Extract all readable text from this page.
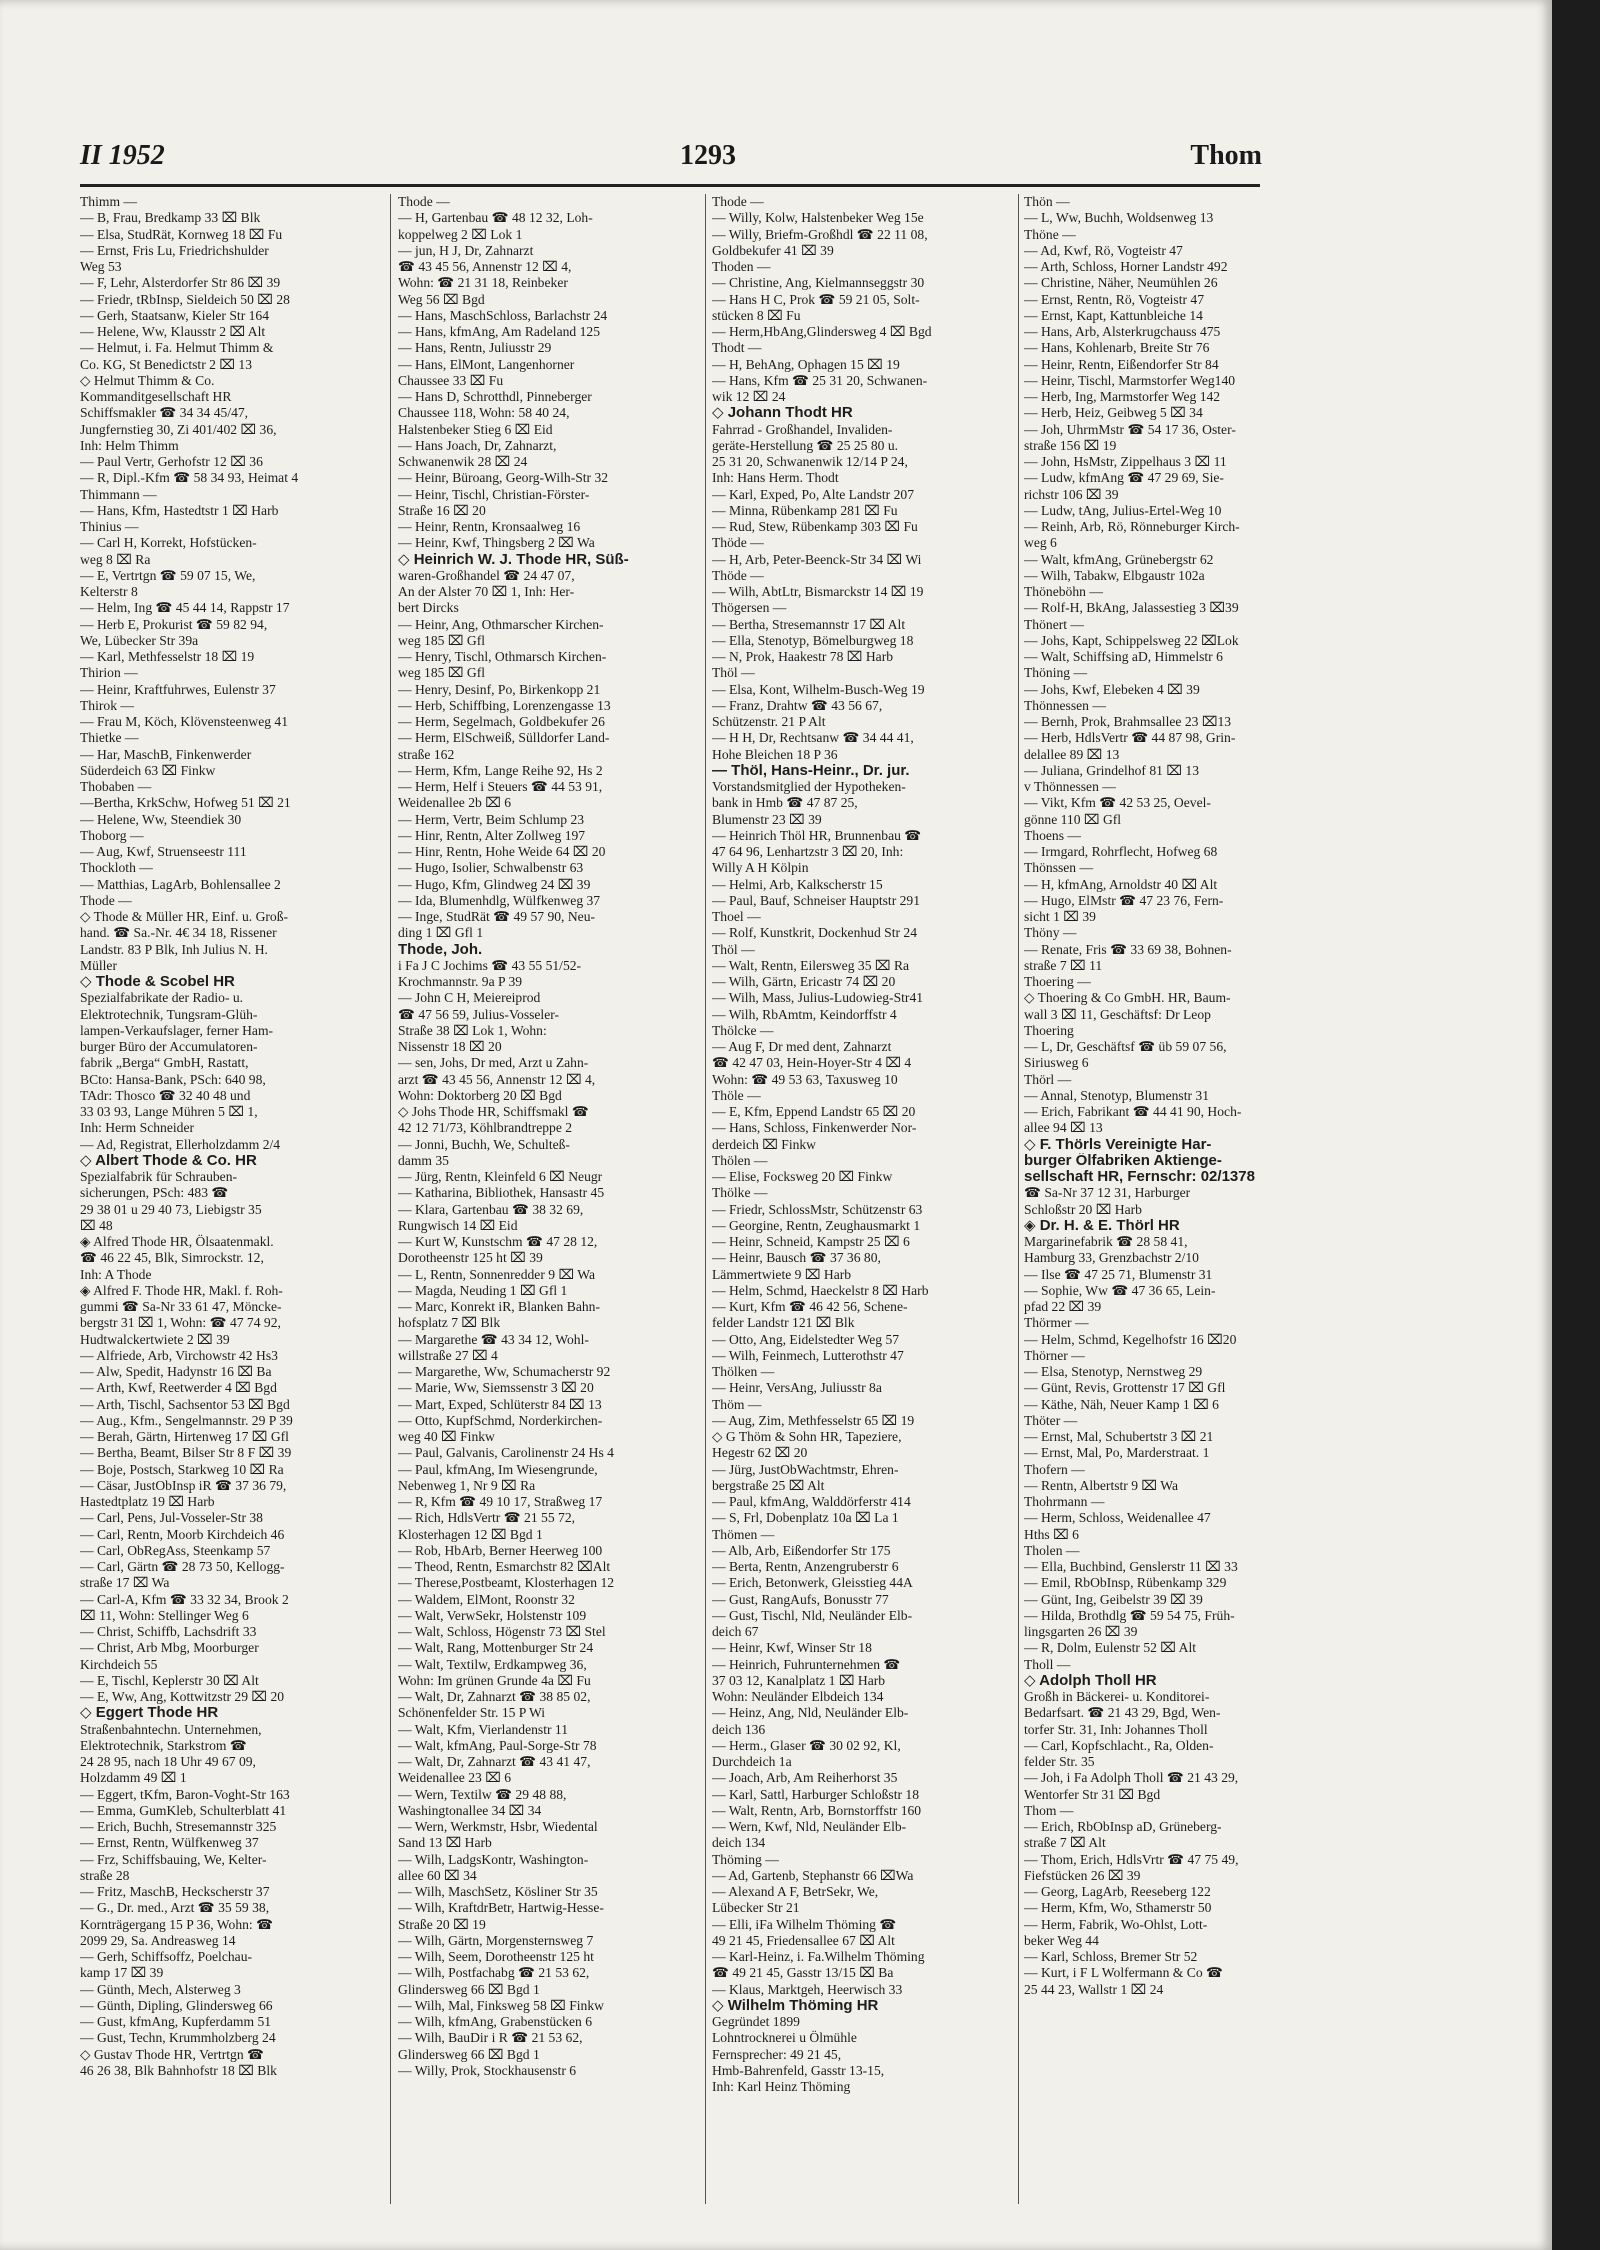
II 1952	1293	Thom
Thimm —
— B, Frau, Bredkamp 33 ⌧ Blk
— Elsa, StudRät, Kornweg 18 ⌧ Fu
— Ernst, Fris Lu, Friedrichshulder
Weg 53
— F, Lehr, Alsterdorfer Str 86 ⌧ 39
— Friedr, tRbInsp, Sieldeich 50 ⌧ 28
— Gerh, Staatsanw, Kieler Str 164
— Helene, Ww, Klausstr 2 ⌧ Alt
— Helmut, i. Fa. Helmut Thimm &
Co. KG, St Benedictstr 2 ⌧ 13
◇ Helmut Thimm & Co.
Kommanditgesellschaft HR
Schiffsmakler ☎ 34 34 45/47,
Jungfernstieg 30, Zi 401/402 ⌧ 36,
Inh: Helm Thimm
— Paul Vertr, Gerhofstr 12 ⌧ 36
— R, Dipl.-Kfm ☎ 58 34 93, Heimat 4
Thimmann —
— Hans, Kfm, Hastedtstr 1 ⌧ Harb
Thinius —
— Carl H, Korrekt, Hofstücken-
weg 8 ⌧ Ra
— E, Vertrtgn ☎ 59 07 15, We,
Kelterstr 8
— Helm, Ing ☎ 45 44 14, Rappstr 17
— Herb E, Prokurist ☎ 59 82 94,
We, Lübecker Str 39a
— Karl, Methfesselstr 18 ⌧ 19
Thirion —
— Heinr, Kraftfuhrwes, Eulenstr 37
Thirok —
— Frau M, Köch, Klövensteenweg 41
Thietke —
— Har, MaschB, Finkenwerder
Süderdeich 63 ⌧ Finkw
Thobaben —
—Bertha, KrkSchw, Hofweg 51 ⌧ 21
— Helene, Ww, Steendiek 30
Thoborg —
— Aug, Kwf, Struenseestr 111
Thockloth —
— Matthias, LagArb, Bohlensallee 2
Thode —
◇ Thode & Müller HR, Einf. u. Groß-
hand. ☎ Sa.-Nr. 4€ 34 18, Rissener
Landstr. 83 P Blk, Inh Julius N. H.
Müller
◇ Thode & Scobel HR
Spezialfabrikate der Radio- u.
Elektrotechnik, Tungsram-Glüh-
lampen-Verkaufslager, ferner Ham-
burger Büro der Accumulatoren-
fabrik „Berga“ GmbH, Rastatt,
BCto: Hansa-Bank, PSch: 640 98,
TAdr: Thosco ☎ 32 40 48 und
33 03 93, Lange Mühren 5 ⌧ 1,
Inh: Herm Schneider
— Ad, Registrat, Ellerholzdamm 2/4
◇ Albert Thode & Co. HR
Spezialfabrik für Schrauben-
sicherungen, PSch: 483 ☎
29 38 01 u 29 40 73, Liebigstr 35
⌧ 48
◈ Alfred Thode HR, Ölsaatenmakl.
☎ 46 22 45, Blk, Simrockstr. 12,
Inh: A Thode
◈ Alfred F. Thode HR, Makl. f. Roh-
gummi ☎ Sa-Nr 33 61 47, Mönckе-
bergstr 31 ⌧ 1, Wohn: ☎ 47 74 92,
Hudtwalckertwiete 2 ⌧ 39
— Alfriede, Arb, Virchowstr 42 Hs3
— Alw, Spedit, Hadynstr 16 ⌧ Ba
— Arth, Kwf, Reetwerder 4 ⌧ Bgd
— Arth, Tischl, Sachsentor 53 ⌧ Bgd
— Aug., Kfm., Sengelmannstr. 29 P 39
— Berah, Gärtn, Hirtenweg 17 ⌧ Gfl
— Bertha, Beamt, Bilser Str 8 F ⌧ 39
— Boje, Postsch, Starkweg 10 ⌧ Ra
— Cäsar, JustObInsp iR ☎ 37 36 79,
Hastedtplatz 19 ⌧ Harb
— Carl, Pens, Jul-Vosseler-Str 38
— Carl, Rentn, Moorb Kirchdeich 46
— Carl, ObRegAss, Steenkamp 57
— Carl, Gärtn ☎ 28 73 50, Kellogg-
straße 17 ⌧ Wa
— Carl-A, Kfm ☎ 33 32 34, Brook 2
⌧ 11, Wohn: Stellinger Weg 6
— Christ, Schiffb, Lachsdrift 33
— Christ, Arb Mbg, Moorburger
Kirchdeich 55
— E, Tischl, Keplerstr 30 ⌧ Alt
— E, Ww, Ang, Kottwitzstr 29 ⌧ 20
◇ Eggert Thode HR
Straßenbahntechn. Unternehmen,
Elektrotechnik, Starkstrom ☎
24 28 95, nach 18 Uhr 49 67 09,
Holzdamm 49 ⌧ 1
— Eggert, tKfm, Baron-Voght-Str 163
— Emma, GumKleb, Schulterblatt 41
— Erich, Buchh, Stresemannstr 325
— Ernst, Rentn, Wülfkenweg 37
— Frz, Schiffsbauing, We, Kelter-
straße 28
— Fritz, MaschB, Heckscherstr 37
— G., Dr. med., Arzt ☎ 35 59 38,
Kornträgergang 15 P 36, Wohn: ☎
2099 29, Sa. Andreasweg 14
— Gerh, Schiffsoffz, Poelchau-
kamp 17 ⌧ 39
— Günth, Mech, Alsterweg 3
— Günth, Dipling, Glindersweg 66
— Gust, kfmAng, Kupferdamm 51
— Gust, Techn, Krummholzberg 24
◇ Gustav Thode HR, Vertrtgn ☎
46 26 38, Blk Bahnhofstr 18 ⌧ Blk
Thode —
— H, Gartenbau ☎ 48 12 32, Loh-
koppelweg 2 ⌧ Lok 1
— jun, H J, Dr, Zahnarzt
☎ 43 45 56, Annenstr 12 ⌧ 4,
Wohn: ☎ 21 31 18, Reinbeker
Weg 56 ⌧ Bgd
— Hans, MaschSchloss, Barlachstr 24
— Hans, kfmAng, Am Radeland 125
— Hans, Rentn, Juliusstr 29
— Hans, ElMont, Langenhorner
Chaussee 33 ⌧ Fu
— Hans D, Schrotthdl, Pinneberger
Chaussee 118, Wohn: 58 40 24,
Halstenbeker Stieg 6 ⌧ Eid
— Hans Joach, Dr, Zahnarzt,
Schwanenwik 28 ⌧ 24
— Heinr, Büroang, Georg-Wilh-Str 32
— Heinr, Tischl, Christian-Förster-
Straße 16 ⌧ 20
— Heinr, Rentn, Kronsaalweg 16
— Heinr, Kwf, Thingsberg 2 ⌧ Wa
◇ Heinrich W. J. Thode HR, Süß-
waren-Großhandel ☎ 24 47 07,
An der Alster 70 ⌧ 1, Inh: Her-
bert Dircks
— Heinr, Ang, Othmarscher Kirchen-
weg 185 ⌧ Gfl
— Henry, Tischl, Othmarsch Kirchen-
weg 185 ⌧ Gfl
— Henry, Desinf, Po, Birkenkopp 21
— Herb, Schiffbing, Lorenzengasse 13
— Herm, Segelmach, Goldbekufer 26
— Herm, ElSchweiß, Sülldorfer Land-
straße 162
— Herm, Kfm, Lange Reihe 92, Hs 2
— Herm, Helf i Steuers ☎ 44 53 91,
Weidenallee 2b ⌧ 6
— Herm, Vertr, Beim Schlump 23
— Hinr, Rentn, Alter Zollweg 197
— Hinr, Rentn, Hohe Weide 64 ⌧ 20
— Hugo, Isolier, Schwalbenstr 63
— Hugo, Kfm, Glindweg 24 ⌧ 39
— Ida, Blumenhdlg, Wülfkenweg 37
— Inge, StudRät ☎ 49 57 90, Neu-
ding 1 ⌧ Gfl 1
Thode, Joh.
i Fa J C Jochims ☎ 43 55 51/52-
Krochmannstr. 9a P 39
— John C H, Meiereiprod
☎ 47 56 59, Julius-Vosseler-
Straße 38 ⌧ Lok 1, Wohn:
Nissenstr 18 ⌧ 20
— sen, Johs, Dr med, Arzt u Zahn-
arzt ☎ 43 45 56, Annenstr 12 ⌧ 4,
Wohn: Doktorberg 20 ⌧ Bgd
◇ Johs Thode HR, Schiffsmakl ☎
42 12 71/73, Köhlbrandtreppe 2
— Jonni, Buchh, We, Schulteß-
damm 35
— Jürg, Rentn, Kleinfeld 6 ⌧ Neugr
— Katharina, Bibliothek, Hansastr 45
— Klara, Gartenbau ☎ 38 32 69,
Rungwisch 14 ⌧ Eid
— Kurt W, Kunstschm ☎ 47 28 12,
Dorotheenstr 125 ht ⌧ 39
— L, Rentn, Sonnenredder 9 ⌧ Wa
— Magda, Neuding 1 ⌧ Gfl 1
— Marc, Konrekt iR, Blanken Bahn-
hofsplatz 7 ⌧ Blk
— Margarethe ☎ 43 34 12, Wohl-
willstraße 27 ⌧ 4
— Margarethe, Ww, Schumacherstr 92
— Marie, Ww, Siemssenstr 3 ⌧ 20
— Mart, Exped, Schlüterstr 84 ⌧ 13
— Otto, KupfSchmd, Norderkirchen-
weg 40 ⌧ Finkw
— Paul, Galvanis, Carolinenstr 24 Hs 4
— Paul, kfmAng, Im Wiesengrunde,
Nebenweg 1, Nr 9 ⌧ Ra
— R, Kfm ☎ 49 10 17, Straßweg 17
— Rich, HdlsVertr ☎ 21 55 72,
Klosterhagen 12 ⌧ Bgd 1
— Rob, HbArb, Berner Heerweg 100
— Theod, Rentn, Esmarchstr 82 ⌧Alt
— Therese,Postbeamt, Klosterhagen 12
— Waldem, ElMont, Roonstr 32
— Walt, VerwSekr, Holstenstr 109
— Walt, Schloss, Högenstr 73 ⌧ Stel
— Walt, Rang, Mottenburger Str 24
— Walt, Textilw, Erdkampweg 36,
Wohn: Im grünen Grunde 4a ⌧ Fu
— Walt, Dr, Zahnarzt ☎ 38 85 02,
Schönenfelder Str. 15 P Wi
— Walt, Kfm, Vierlandenstr 11
— Walt, kfmAng, Paul-Sorge-Str 78
— Walt, Dr, Zahnarzt ☎ 43 41 47,
Weidenallee 23 ⌧ 6
— Wern, Textilw ☎ 29 48 88,
Washingtonallee 34 ⌧ 34
— Wern, Werkmstr, Hsbr, Wiedental
Sand 13 ⌧ Harb
— Wilh, LadgsKontr, Washington-
allee 60 ⌧ 34
— Wilh, MaschSetz, Kösliner Str 35
— Wilh, KraftdrBetr, Hartwig-Hesse-
Straße 20 ⌧ 19
— Wilh, Gärtn, Morgensternsweg 7
— Wilh, Seem, Dorotheenstr 125 ht
— Wilh, Postfachabg ☎ 21 53 62,
Glindersweg 66 ⌧ Bgd 1
— Wilh, Mal, Finksweg 58 ⌧ Finkw
— Wilh, kfmAng, Grabenstücken 6
— Wilh, BauDir i R ☎ 21 53 62,
Glindersweg 66 ⌧ Bgd 1
— Willy, Prok, Stockhausenstr 6
Thode —
— Willy, Kolw, Halstenbeker Weg 15e
— Willy, Briefm-Großhdl ☎ 22 11 08,
Goldbekufer 41 ⌧ 39
Thoden —
— Christine, Ang, Kielmannseggstr 30
— Hans H C, Prok ☎ 59 21 05, Solt-
stücken 8 ⌧ Fu
— Herm,HbAng,Glindersweg 4 ⌧ Bgd
Thodt —
— H, BehAng, Ophagen 15 ⌧ 19
— Hans, Kfm ☎ 25 31 20, Schwanen-
wik 12 ⌧ 24
◇ Johann Thodt HR
Fahrrad - Großhandel, Invaliden-
geräte-Herstellung ☎ 25 25 80 u.
25 31 20, Schwanenwik 12/14 P 24,
Inh: Hans Herm. Thodt
— Karl, Exped, Po, Alte Landstr 207
— Minna, Rübenkamp 281 ⌧ Fu
— Rud, Stew, Rübenkamp 303 ⌧ Fu
Thöde —
— H, Arb, Peter-Beenck-Str 34 ⌧ Wi
Thöde —
— Wilh, AbtLtr, Bismarckstr 14 ⌧ 19
Thögersen —
— Bertha, Stresemannstr 17 ⌧ Alt
— Ella, Stenotyp, Bömelburgweg 18
— N, Prok, Haakestr 78 ⌧ Harb
Thöl —
— Elsa, Kont, Wilhelm-Busch-Weg 19
— Franz, Drahtw ☎ 43 56 67,
Schützenstr. 21 P Alt
— H H, Dr, Rechtsanw ☎ 34 44 41,
Hohe Bleichen 18 P 36
— Thöl, Hans-Heinr., Dr. jur.
Vorstandsmitglied der Hypotheken-
bank in Hmb ☎ 47 87 25,
Blumenstr 23 ⌧ 39
— Heinrich Thöl HR, Brunnenbau ☎
47 64 96, Lenhartzstr 3 ⌧ 20, Inh:
Willy A H Kölpin
— Helmi, Arb, Kalkscherstr 15
— Paul, Bauf, Schneiser Hauptstr 291
Thoel —
— Rolf, Kunstkrit, Dockenhud Str 24
Thöl —
— Walt, Rentn, Eilersweg 35 ⌧ Ra
— Wilh, Gärtn, Ericastr 74 ⌧ 20
— Wilh, Mass, Julius-Ludowieg-Str41
— Wilh, RbAmtm, Keindorffstr 4
Thölcke —
— Aug F, Dr med dent, Zahnarzt
☎ 42 47 03, Hein-Hoyer-Str 4 ⌧ 4
Wohn: ☎ 49 53 63, Taxusweg 10
Thöle —
— E, Kfm, Eppend Landstr 65 ⌧ 20
— Hans, Schloss, Finkenwerder Nor-
derdeich ⌧ Finkw
Thölen —
— Elise, Focksweg 20 ⌧ Finkw
Thölke —
— Friedr, SchlossMstr, Schützenstr 63
— Georgine, Rentn, Zeughausmarkt 1
— Heinr, Schneid, Kampstr 25 ⌧ 6
— Heinr, Bausch ☎ 37 36 80,
Lämmertwiete 9 ⌧ Harb
— Helm, Schmd, Haeckelstr 8 ⌧ Harb
— Kurt, Kfm ☎ 46 42 56, Schene-
felder Landstr 121 ⌧ Blk
— Otto, Ang, Eidelstedter Weg 57
— Wilh, Feinmech, Lutterothstr 47
Thölken —
— Heinr, VersAng, Juliusstr 8a
Thöm —
— Aug, Zim, Methfesselstr 65 ⌧ 19
◇ G Thöm & Sohn HR, Tapeziere,
Hegestr 62 ⌧ 20
— Jürg, JustObWachtmstr, Ehren-
bergstraße 25 ⌧ Alt
— Paul, kfmAng, Walddörferstr 414
— S, Frl, Dobenplatz 10a ⌧ La 1
Thömen —
— Alb, Arb, Eißendorfer Str 175
— Berta, Rentn, Anzengruberstr 6
— Erich, Betonwerk, Gleisstieg 44A
— Gust, RangAufs, Bonusstr 77
— Gust, Tischl, Nld, Neuländer Elb-
deich 67
— Heinr, Kwf, Winser Str 18
— Heinrich, Fuhrunternehmen ☎
37 03 12, Kanalplatz 1 ⌧ Harb
Wohn: Neuländer Elbdeich 134
— Heinz, Ang, Nld, Neuländer Elb-
deich 136
— Herm., Glaser ☎ 30 02 92, Kl,
Durchdeich 1a
— Joach, Arb, Am Reiherhorst 35
— Karl, Sattl, Harburger Schloßstr 18
— Walt, Rentn, Arb, Bornstorffstr 160
— Wern, Kwf, Nld, Neuländer Elb-
deich 134
Thöming —
— Ad, Gartenb, Stephanstr 66 ⌧Wa
— Alexand A F, BetrSekr, We,
Lübecker Str 21
— Elli, iFa Wilhelm Thöming ☎
49 21 45, Friedensallee 67 ⌧ Alt
— Karl-Heinz, i. Fa.Wilhelm Thöming
☎ 49 21 45, Gasstr 13/15 ⌧ Ba
— Klaus, Marktgeh, Heerwisch 33
◇ Wilhelm Thöming HR
Gegründet 1899
Lohntrocknerei u Ölmühle
Fernsprecher: 49 21 45,
Hmb-Bahrenfeld, Gasstr 13-15,
Inh: Karl Heinz Thöming
Thön —
— L, Ww, Buchh, Woldsenweg 13
Thöne —
— Ad, Kwf, Rö, Vogteistr 47
— Arth, Schloss, Horner Landstr 492
— Christine, Näher, Neumühlen 26
— Ernst, Rentn, Rö, Vogteistr 47
— Ernst, Kapt, Kattunbleiche 14
— Hans, Arb, Alsterkrugchauss 475
— Hans, Kohlenarb, Breite Str 76
— Heinr, Rentn, Eißendorfer Str 84
— Heinr, Tischl, Marmstorfer Weg140
— Herb, Ing, Marmstorfer Weg 142
— Herb, Heiz, Geibweg 5 ⌧ 34
— Joh, UhrmMstr ☎ 54 17 36, Oster-
straße 156 ⌧ 19
— John, HsMstr, Zippelhaus 3 ⌧ 11
— Ludw, kfmAng ☎ 47 29 69, Sie-
richstr 106 ⌧ 39
— Ludw, tAng, Julius-Ertel-Weg 10
— Reinh, Arb, Rö, Rönneburger Kirch-
weg 6
— Walt, kfmAng, Grünebergstr 62
— Wilh, Tabakw, Elbgaustr 102a
Thöneböhn —
— Rolf-H, BkAng, Jalassestieg 3 ⌧39
Thönert —
— Johs, Kapt, Schippelsweg 22 ⌧Lok
— Walt, Schiffsing aD, Himmelstr 6
Thöning —
— Johs, Kwf, Elebeken 4 ⌧ 39
Thönnessen —
— Bernh, Prok, Brahmsallee 23 ⌧13
— Herb, HdlsVertr ☎ 44 87 98, Grin-
delallee 89 ⌧ 13
— Juliana, Grindelhof 81 ⌧ 13
v Thönnessen —
— Vikt, Kfm ☎ 42 53 25, Oevel-
gönne 110 ⌧ Gfl
Thoens —
— Irmgard, Rohrflecht, Hofweg 68
Thönssen —
— H, kfmAng, Arnoldstr 40 ⌧ Alt
— Hugo, ElMstr ☎ 47 23 76, Fern-
sicht 1 ⌧ 39
Thöny —
— Renate, Fris ☎ 33 69 38, Bohnen-
straße 7 ⌧ 11
Thoering —
◇ Thoering & Co GmbH. HR, Baum-
wall 3 ⌧ 11, Geschäftsf: Dr Leop
Thoering
— L, Dr, Geschäftsf ☎ üb 59 07 56,
Siriusweg 6
Thörl —
— Annal, Stenotyp, Blumenstr 31
— Erich, Fabrikant ☎ 44 41 90, Hoch-
allee 94 ⌧ 13
◇ F. Thörls Vereinigte Har-
burger Ölfabriken Aktienge-
sellschaft HR, Fernschr: 02/1378
☎ Sa-Nr 37 12 31, Harburger
Schloßstr 20 ⌧ Harb
◈ Dr. H. & E. Thörl HR
Margarinefabrik ☎ 28 58 41,
Hamburg 33, Grenzbachstr 2/10
— Ilse ☎ 47 25 71, Blumenstr 31
— Sophie, Ww ☎ 47 36 65, Lein-
pfad 22 ⌧ 39
Thörmer —
— Helm, Schmd, Kegelhofstr 16 ⌧20
Thörner —
— Elsa, Stenotyp, Nernstweg 29
— Günt, Revis, Grottenstr 17 ⌧ Gfl
— Käthe, Näh, Neuer Kamp 1 ⌧ 6
Thöter —
— Ernst, Mal, Schubertstr 3 ⌧ 21
— Ernst, Mal, Po, Marderstraat. 1
Thofern —
— Rentn, Albertstr 9 ⌧ Wa
Thohrmann —
— Herm, Schloss, Weidenallee 47
Hths ⌧ 6
Tholen —
— Ella, Buchbind, Genslerstr 11 ⌧ 33
— Emil, RbObInsp, Rübenkamp 329
— Günt, Ing, Geibelstr 39 ⌧ 39
— Hilda, Brothdlg ☎ 59 54 75, Früh-
lingsgarten 26 ⌧ 39
— R, Dolm, Eulenstr 52 ⌧ Alt
Tholl —
◇ Adolph Tholl HR
Großh in Bäckerei- u. Konditorei-
Bedarfsart. ☎ 21 43 29, Bgd, Wen-
torfer Str. 31, Inh: Johannes Tholl
— Carl, Kopfschlacht., Ra, Olden-
felder Str. 35
— Joh, i Fa Adolph Tholl ☎ 21 43 29,
Wentorfer Str 31 ⌧ Bgd
Thom —
— Erich, RbObInsp aD, Grüneberg-
straße 7 ⌧ Alt
— Thom, Erich, HdlsVrtr ☎ 47 75 49,
Fiefstücken 26 ⌧ 39
— Georg, LagArb, Reeseberg 122
— Herm, Kfm, Wo, Sthamerstr 50
— Herm, Fabrik, Wo-Ohlst, Lott-
beker Weg 44
— Karl, Schloss, Bremer Str 52
— Kurt, i F L Wolfermann & Co ☎
25 44 23, Wallstr 1 ⌧ 24
